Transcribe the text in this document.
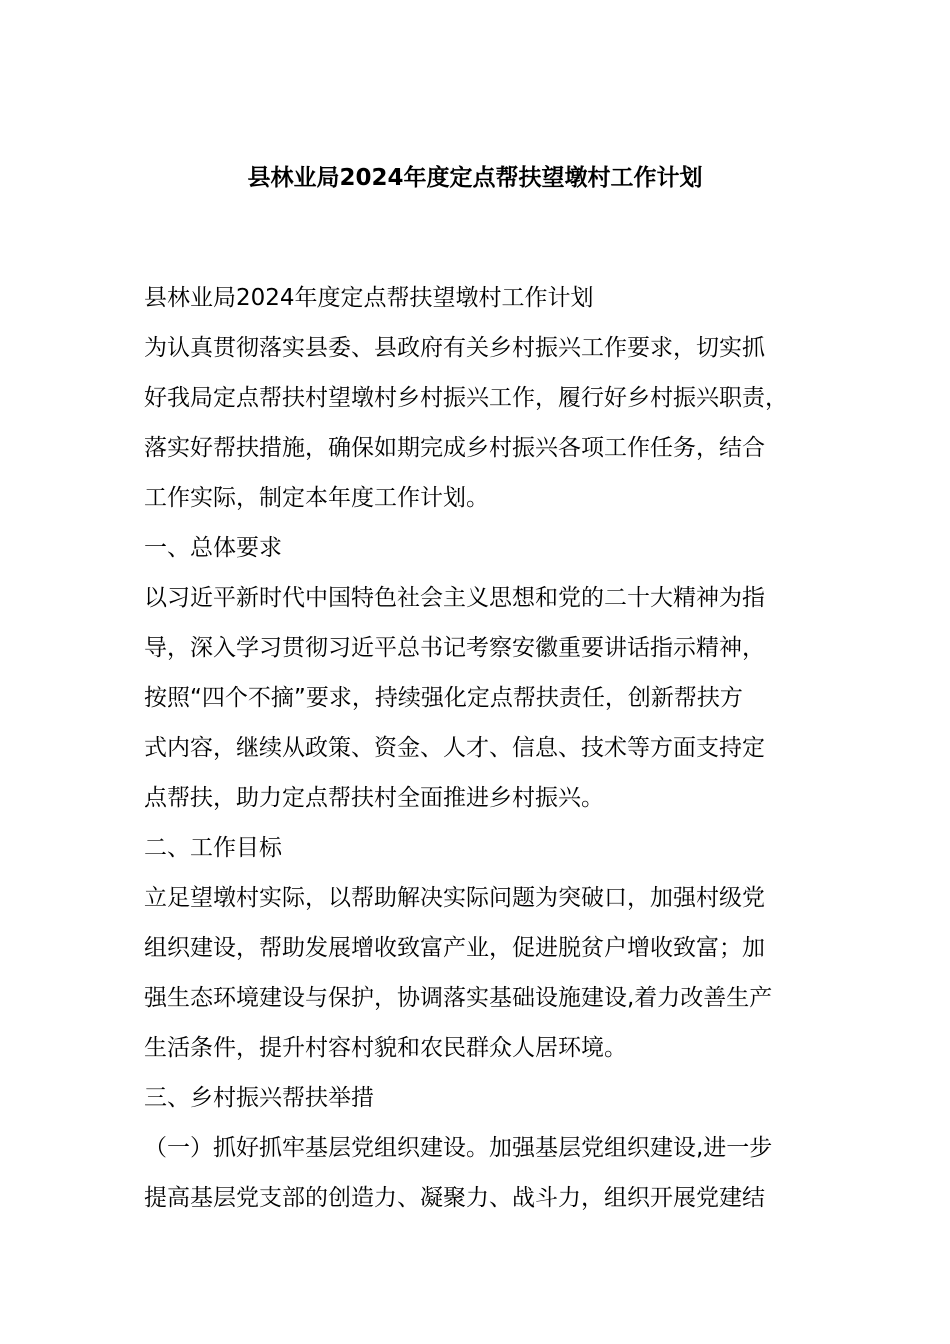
县林业局2024年度定点帮扶望墩村工作计划
县林业局2024年度定点帮扶望墩村工作计划
为认真贯彻落实县委、县政府有关乡村振兴工作要求，切实抓
好我局定点帮扶村望墩村乡村振兴工作，履行好乡村振兴职责，
落实好帮扶措施，确保如期完成乡村振兴各项工作任务，结合
工作实际，制定本年度工作计划。
一、总体要求
以习近平新时代中国特色社会主义思想和党的二十大精神为指
导，深入学习贯彻习近平总书记考察安徽重要讲话指示精神，
按照“四个不摘”要求，持续强化定点帮扶责任，创新帮扶方
式内容，继续从政策、资金、人才、信息、技术等方面支持定
点帮扶，助力定点帮扶村全面推进乡村振兴。
二、工作目标
立足望墩村实际，以帮助解决实际问题为突破口，加强村级党
组织建设，帮助发展增收致富产业，促进脱贫户增收致富；加
强生态环境建设与保护，协调落实基础设施建设,着力改善生产
生活条件，提升村容村貌和农民群众人居环境。
三、乡村振兴帮扶举措
（一）抓好抓牢基层党组织建设。加强基层党组织建设,进一步
提高基层党支部的创造力、凝聚力、战斗力，组织开展党建结
